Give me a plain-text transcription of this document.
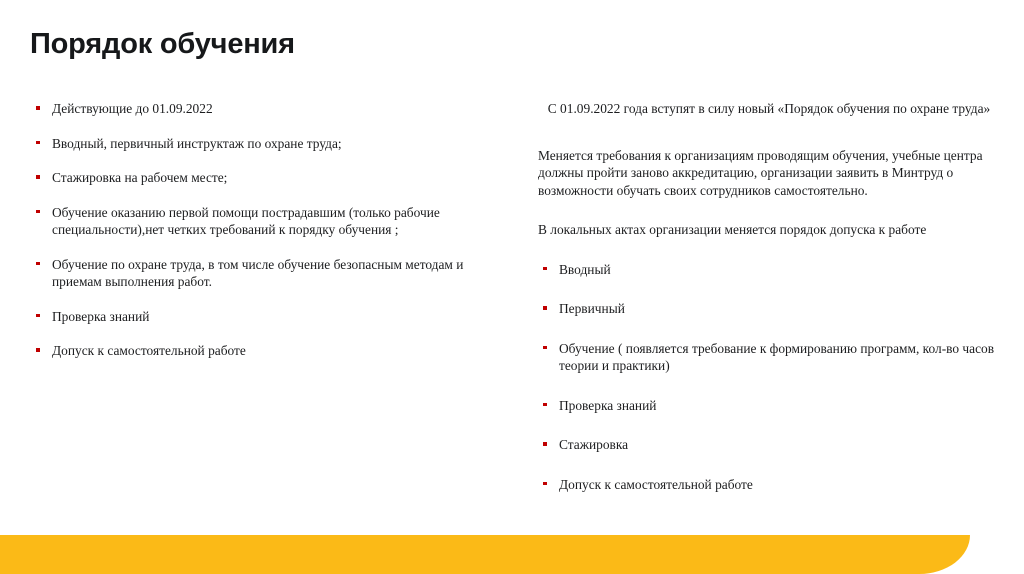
Порядок обучения
Действующие до 01.09.2022
Вводный, первичный инструктаж по охране труда;
Стажировка на рабочем месте;
Обучение оказанию первой помощи пострадавшим (только рабочие специальности),нет четких требований к порядку обучения ;
Обучение по охране труда, в том числе обучение безопасным методам и приемам выполнения работ.
Проверка знаний
Допуск к самостоятельной работе

С 01.09.2022 года вступят в силу новый «Порядок обучения по охране труда»

Меняется требования к организациям проводящим обучения, учебные центра должны пройти заново аккредитацию, организации заявить в Минтруд о возможности обучать своих сотрудников самостоятельно.

В локальных актах организации меняется порядок допуска к работе

Вводный
Первичный
Обучение ( появляется требование к формированию программ, кол-во часов теории и практики)
Проверка знаний
Стажировка
Допуск к самостоятельной работе
